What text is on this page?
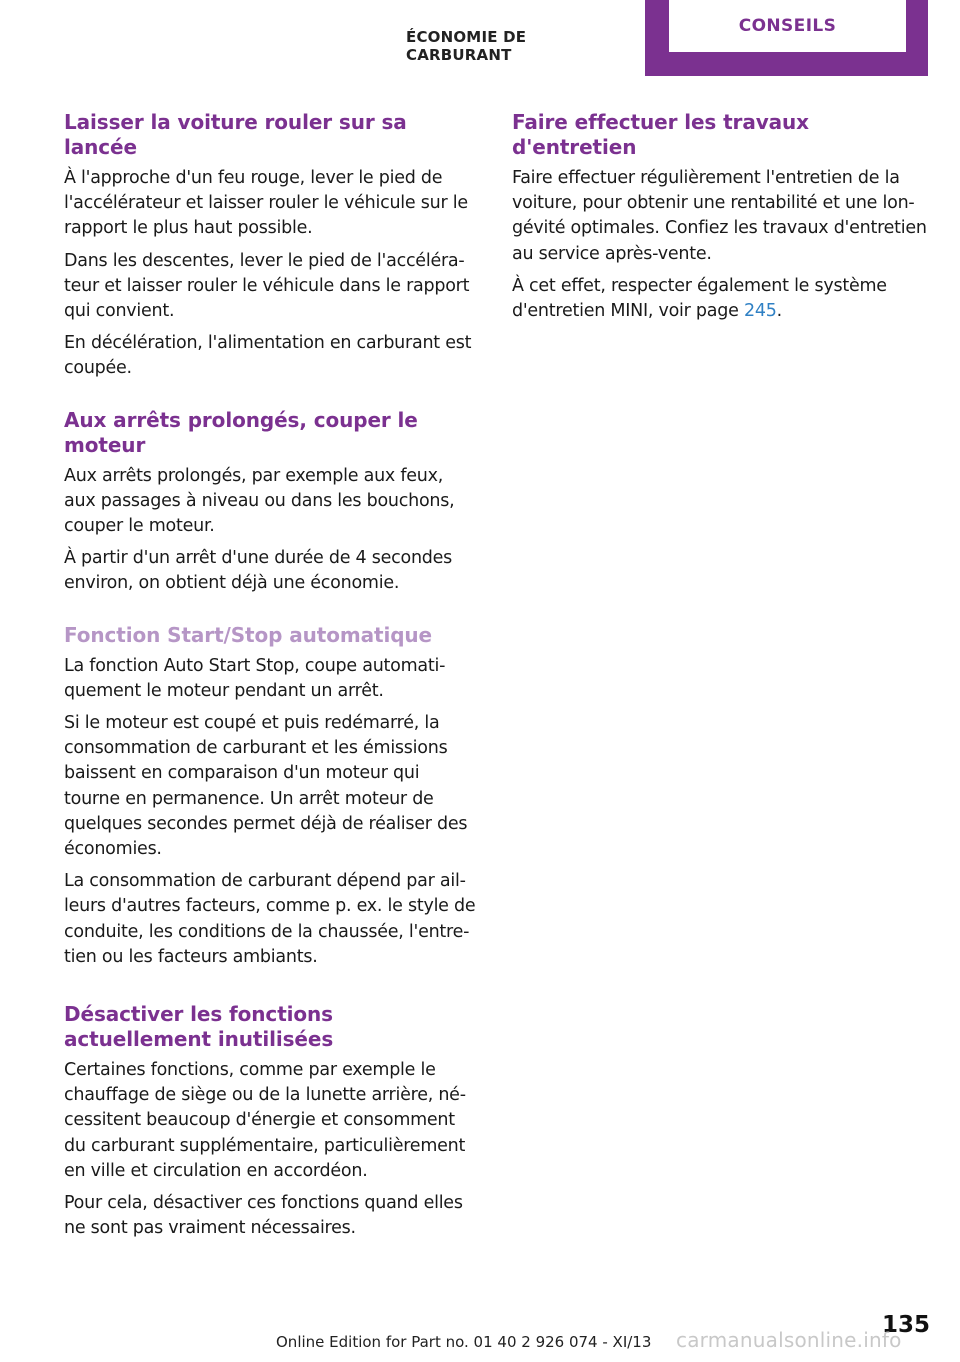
ÉCONOMIE DE CARBURANT
CONSEILS
Laisser la voiture rouler sur sa lancée

À l'approche d'un feu rouge, lever le pied de l'accélérateur et laisser rouler le véhicule sur le rapport le plus haut possible.

Dans les descentes, lever le pied de l'accélérateur et laisser rouler le véhicule dans le rapport qui convient.

En décélération, l'alimentation en carburant est coupée.

Aux arrêts prolongés, couper le moteur

Aux arrêts prolongés, par exemple aux feux, aux passages à niveau ou dans les bouchons, couper le moteur.

À partir d'un arrêt d'une durée de 4 secondes environ, on obtient déjà une économie.

Fonction Start/Stop automatique

La fonction Auto Start Stop, coupe automatiquement le moteur pendant un arrêt.

Si le moteur est coupé et puis redémarré, la consommation de carburant et les émissions baissent en comparaison d'un moteur qui tourne en permanence. Un arrêt moteur de quelques secondes permet déjà de réaliser des économies.

La consommation de carburant dépend par ailleurs d'autres facteurs, comme p. ex. le style de conduite, les conditions de la chaussée, l'entretien ou les facteurs ambiants.

Désactiver les fonctions actuellement inutilisées

Certaines fonctions, comme par exemple le chauffage de siège ou de la lunette arrière, nécessitent beaucoup d'énergie et consomment du carburant supplémentaire, particulièrement en ville et circulation en accordéon.

Pour cela, désactiver ces fonctions quand elles ne sont pas vraiment nécessaires.

Faire effectuer les travaux d'entretien

Faire effectuer régulièrement l'entretien de la voiture, pour obtenir une rentabilité et une longévité optimales. Confiez les travaux d'entretien au service après-vente.

À cet effet, respecter également le système d'entretien MINI, voir page 245.

135
Online Edition for Part no. 01 40 2 926 074 - XI/13	carmanualsonline.info
